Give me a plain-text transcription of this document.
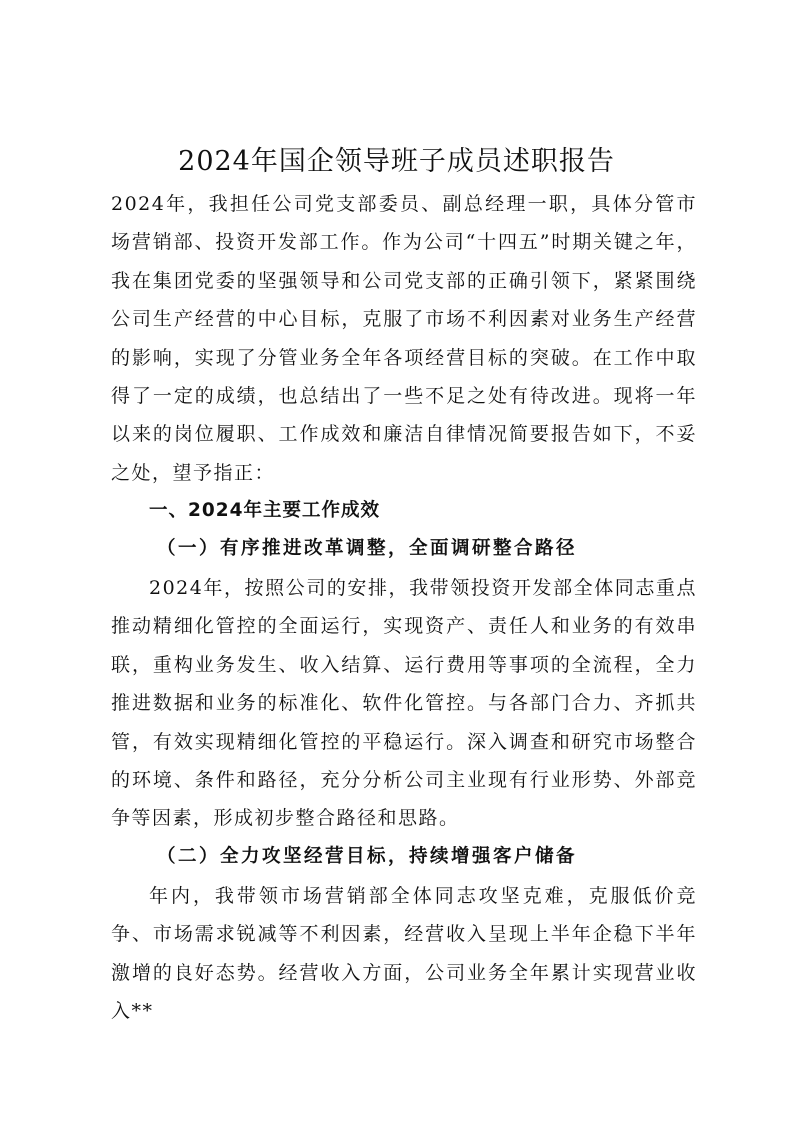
2024年国企领导班子成员述职报告

2024年，我担任公司党支部委员、副总经理一职，具体分管市场营销部、投资开发部工作。作为公司“十四五”时期关键之年，我在集团党委的坚强领导和公司党支部的正确引领下，紧紧围绕公司生产经营的中心目标，克服了市场不利因素对业务生产经营的影响，实现了分管业务全年各项经营目标的突破。在工作中取得了一定的成绩，也总结出了一些不足之处有待改进。现将一年以来的岗位履职、工作成效和廉洁自律情况简要报告如下，不妥之处，望予指正：

一、2024年主要工作成效
（一）有序推进改革调整，全面调研整合路径

2024年，按照公司的安排，我带领投资开发部全体同志重点推动精细化管控的全面运行，实现资产、责任人和业务的有效串联，重构业务发生、收入结算、运行费用等事项的全流程，全力推进数据和业务的标准化、软件化管控。与各部门合力、齐抓共管，有效实现精细化管控的平稳运行。深入调查和研究市场整合的环境、条件和路径，充分分析公司主业现有行业形势、外部竞争等因素，形成初步整合路径和思路。

（二）全力攻坚经营目标，持续增强客户储备

年内，我带领市场营销部全体同志攻坚克难，克服低价竞争、市场需求锐减等不利因素，经营收入呈现上半年企稳下半年激增的良好态势。经营收入方面，公司业务全年累计实现营业收入**
